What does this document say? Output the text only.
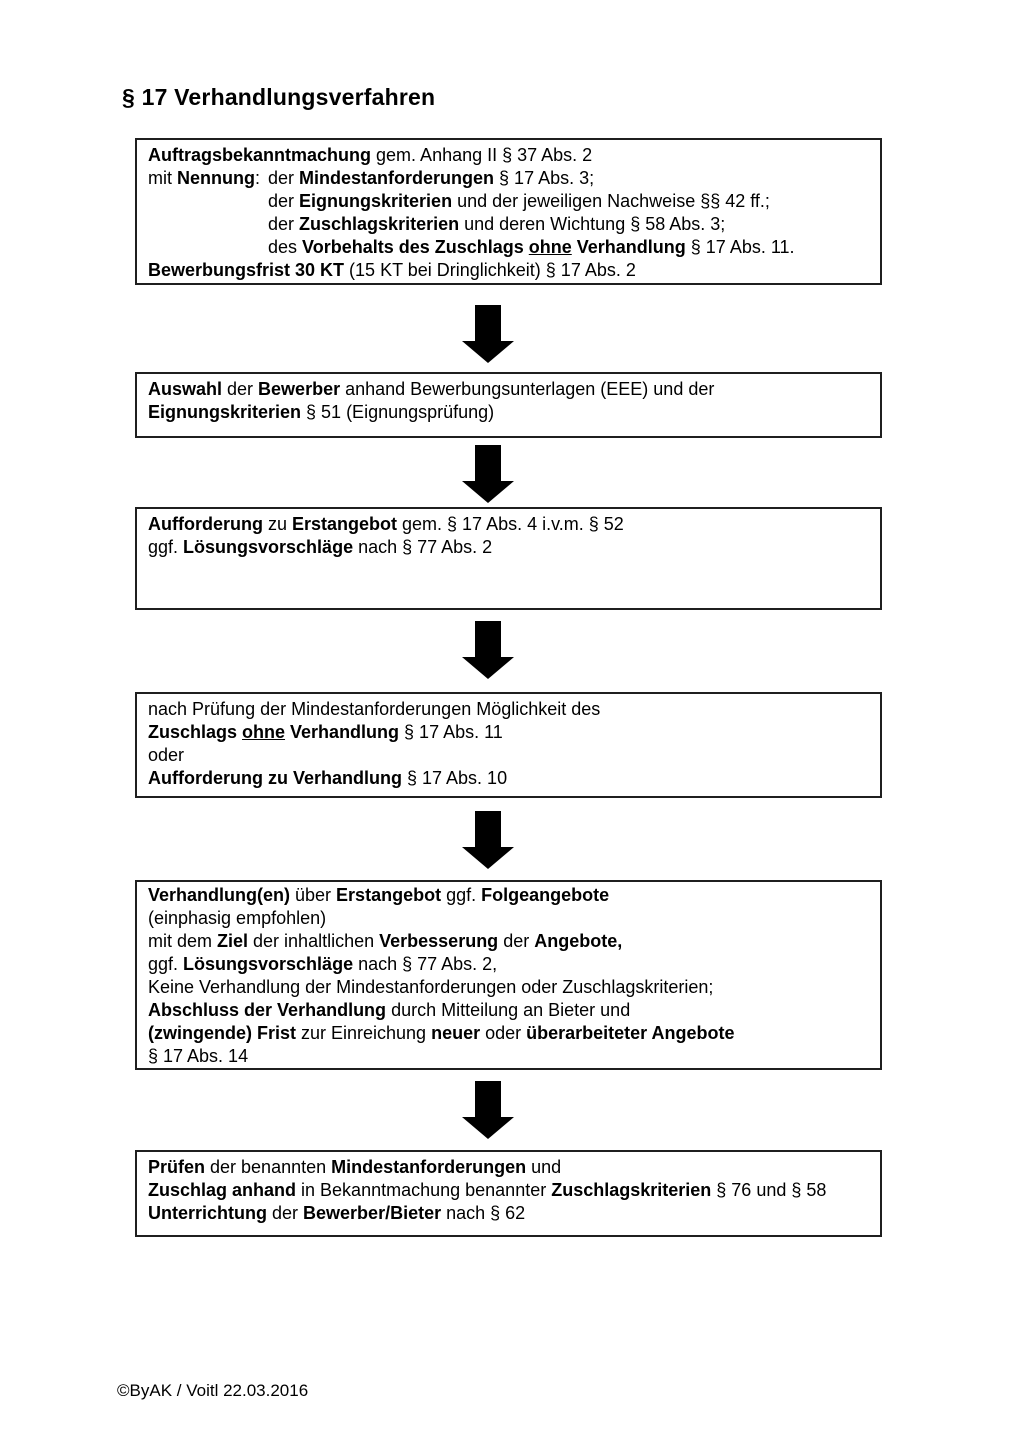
§ 17 Verhandlungsverfahren
Auftragsbekanntmachung gem. Anhang II § 37 Abs. 2
mit Nennung: der Mindestanforderungen § 17 Abs. 3;
der Eignungskriterien und der jeweiligen Nachweise §§ 42 ff.;
der Zuschlagskriterien und deren Wichtung § 58 Abs. 3;
des Vorbehalts des Zuschlags ohne Verhandlung § 17 Abs. 11.
Bewerbungsfrist 30 KT (15 KT bei Dringlichkeit) § 17 Abs. 2
Auswahl der Bewerber anhand Bewerbungsunterlagen (EEE) und der
Eignungskriterien § 51 (Eignungsprüfung)
Aufforderung zu Erstangebot gem. § 17 Abs. 4 i.v.m. § 52
ggf. Lösungsvorschläge nach § 77 Abs. 2
nach Prüfung der Mindestanforderungen Möglichkeit des
Zuschlags ohne Verhandlung § 17 Abs. 11
oder
Aufforderung zu Verhandlung § 17 Abs. 10
Verhandlung(en) über Erstangebot ggf. Folgeangebote
(einphasig empfohlen)
mit dem Ziel der inhaltlichen Verbesserung der Angebote,
ggf. Lösungsvorschläge nach § 77 Abs. 2,
Keine Verhandlung der Mindestanforderungen oder Zuschlagskriterien;
Abschluss der Verhandlung durch Mitteilung an Bieter und
(zwingende) Frist zur Einreichung neuer oder überarbeiteter Angebote
§ 17 Abs. 14
Prüfen der benannten Mindestanforderungen und
Zuschlag anhand in Bekanntmachung benannter Zuschlagskriterien § 76 und § 58
Unterrichtung der Bewerber/Bieter nach § 62
©ByAK / Voitl 22.03.2016
